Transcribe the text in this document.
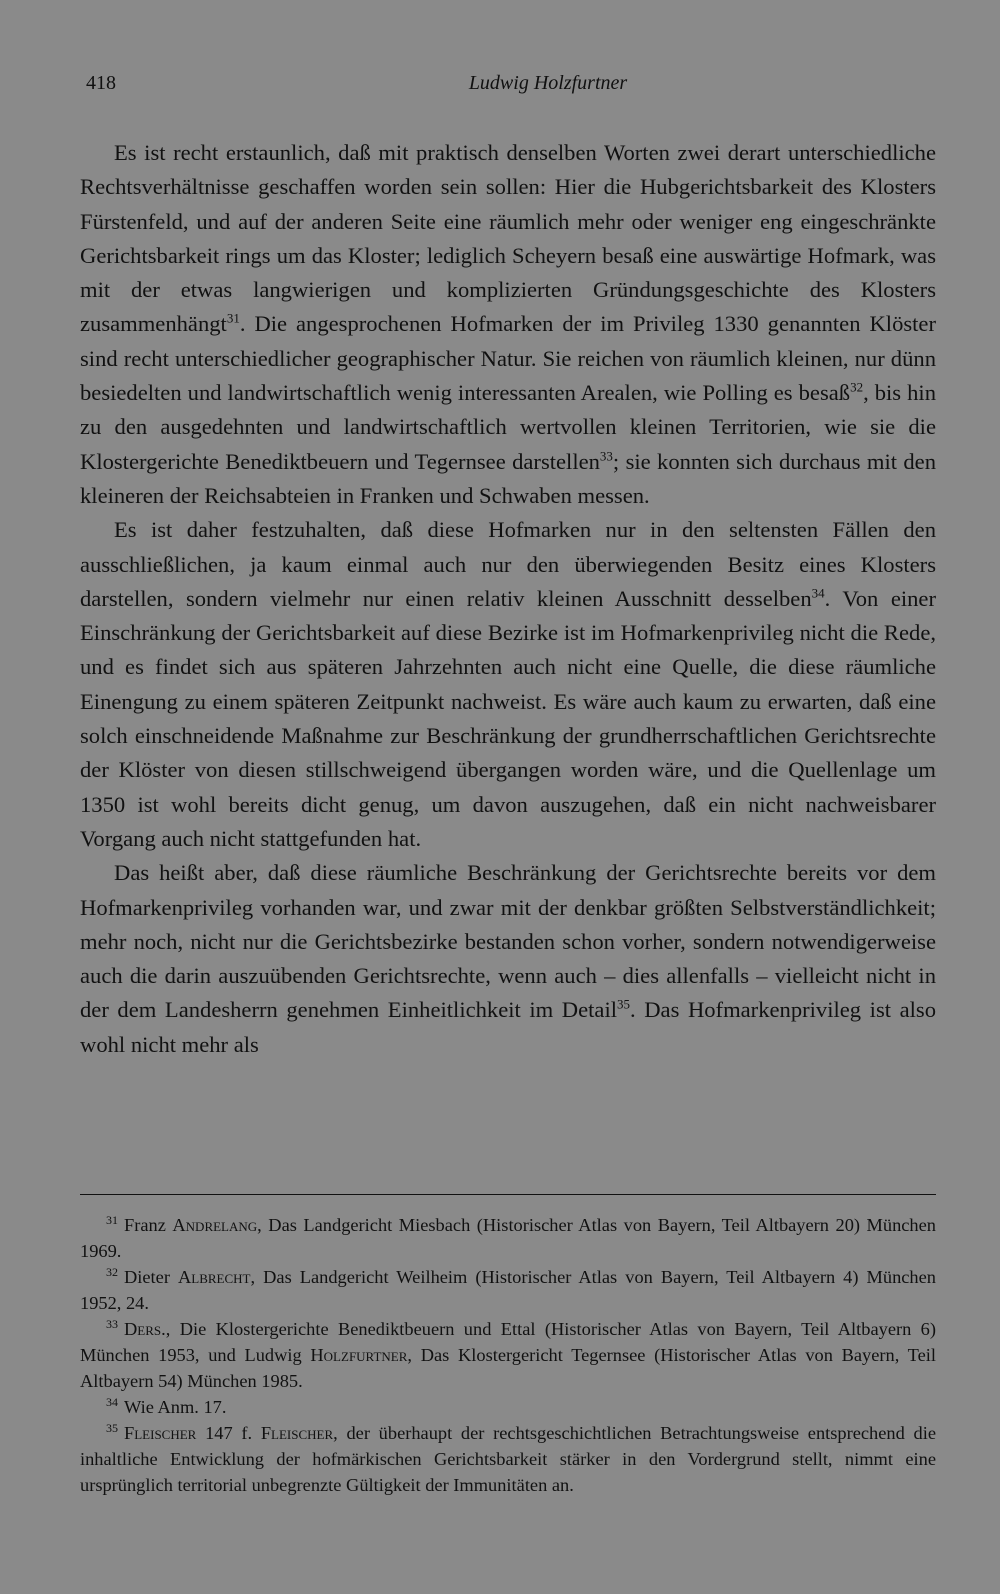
418	Ludwig Holzfurtner

Es ist recht erstaunlich, daß mit praktisch denselben Worten zwei derart unterschiedliche Rechtsverhältnisse geschaffen worden sein sollen: Hier die Hubgerichtsbarkeit des Klosters Fürstenfeld, und auf der anderen Seite eine räumlich mehr oder weniger eng eingeschränkte Gerichtsbarkeit rings um das Kloster; lediglich Scheyern besaß eine auswärtige Hofmark, was mit der etwas langwierigen und komplizierten Gründungsgeschichte des Klosters zusammenhängt$^{31}$. Die angesprochenen Hofmarken der im Privileg 1330 genannten Klöster sind recht unterschiedlicher geographischer Natur. Sie reichen von räumlich kleinen, nur dünn besiedelten und landwirtschaftlich wenig interessanten Arealen, wie Polling es besaß$^{32}$, bis hin zu den ausgedehnten und landwirtschaftlich wertvollen kleinen Territorien, wie sie die Klostergerichte Benediktbeuern und Tegernsee darstellen$^{33}$; sie konnten sich durchaus mit den kleineren der Reichsabteien in Franken und Schwaben messen.

Es ist daher festzuhalten, daß diese Hofmarken nur in den seltensten Fällen den ausschließlichen, ja kaum einmal auch nur den überwiegenden Besitz eines Klosters darstellen, sondern vielmehr nur einen relativ kleinen Ausschnitt desselben$^{34}$. Von einer Einschränkung der Gerichtsbarkeit auf diese Bezirke ist im Hofmarkenprivileg nicht die Rede, und es findet sich aus späteren Jahrzehnten auch nicht eine Quelle, die diese räumliche Einengung zu einem späteren Zeitpunkt nachweist. Es wäre auch kaum zu erwarten, daß eine solch einschneidende Maßnahme zur Beschränkung der grundherrschaftlichen Gerichtsrechte der Klöster von diesen stillschweigend übergangen worden wäre, und die Quellenlage um 1350 ist wohl bereits dicht genug, um davon auszugehen, daß ein nicht nachweisbarer Vorgang auch nicht stattgefunden hat.

Das heißt aber, daß diese räumliche Beschränkung der Gerichtsrechte bereits vor dem Hofmarkenprivileg vorhanden war, und zwar mit der denkbar größten Selbstverständlichkeit; mehr noch, nicht nur die Gerichtsbezirke bestanden schon vorher, sondern notwendigerweise auch die darin auszuübenden Gerichtsrechte, wenn auch – dies allenfalls – vielleicht nicht in der dem Landesherrn genehmen Einheitlichkeit im Detail$^{35}$. Das Hofmarkenprivileg ist also wohl nicht mehr als

$^{31}$ Franz Andrelang, Das Landgericht Miesbach (Historischer Atlas von Bayern, Teil Altbayern 20) München 1969.

$^{32}$ Dieter Albrecht, Das Landgericht Weilheim (Historischer Atlas von Bayern, Teil Altbayern 4) München 1952, 24.

$^{33}$ Ders., Die Klostergerichte Benediktbeuern und Ettal (Historischer Atlas von Bayern, Teil Altbayern 6) München 1953, und Ludwig Holzfurtner, Das Klostergericht Tegernsee (Historischer Atlas von Bayern, Teil Altbayern 54) München 1985.

$^{34}$ Wie Anm. 17.

$^{35}$ Fleischer 147 f. Fleischer, der überhaupt der rechtsgeschichtlichen Betrachtungsweise entsprechend die inhaltliche Entwicklung der hofmärkischen Gerichtsbarkeit stärker in den Vordergrund stellt, nimmt eine ursprünglich territorial unbegrenzte Gültigkeit der Immunitäten an.
